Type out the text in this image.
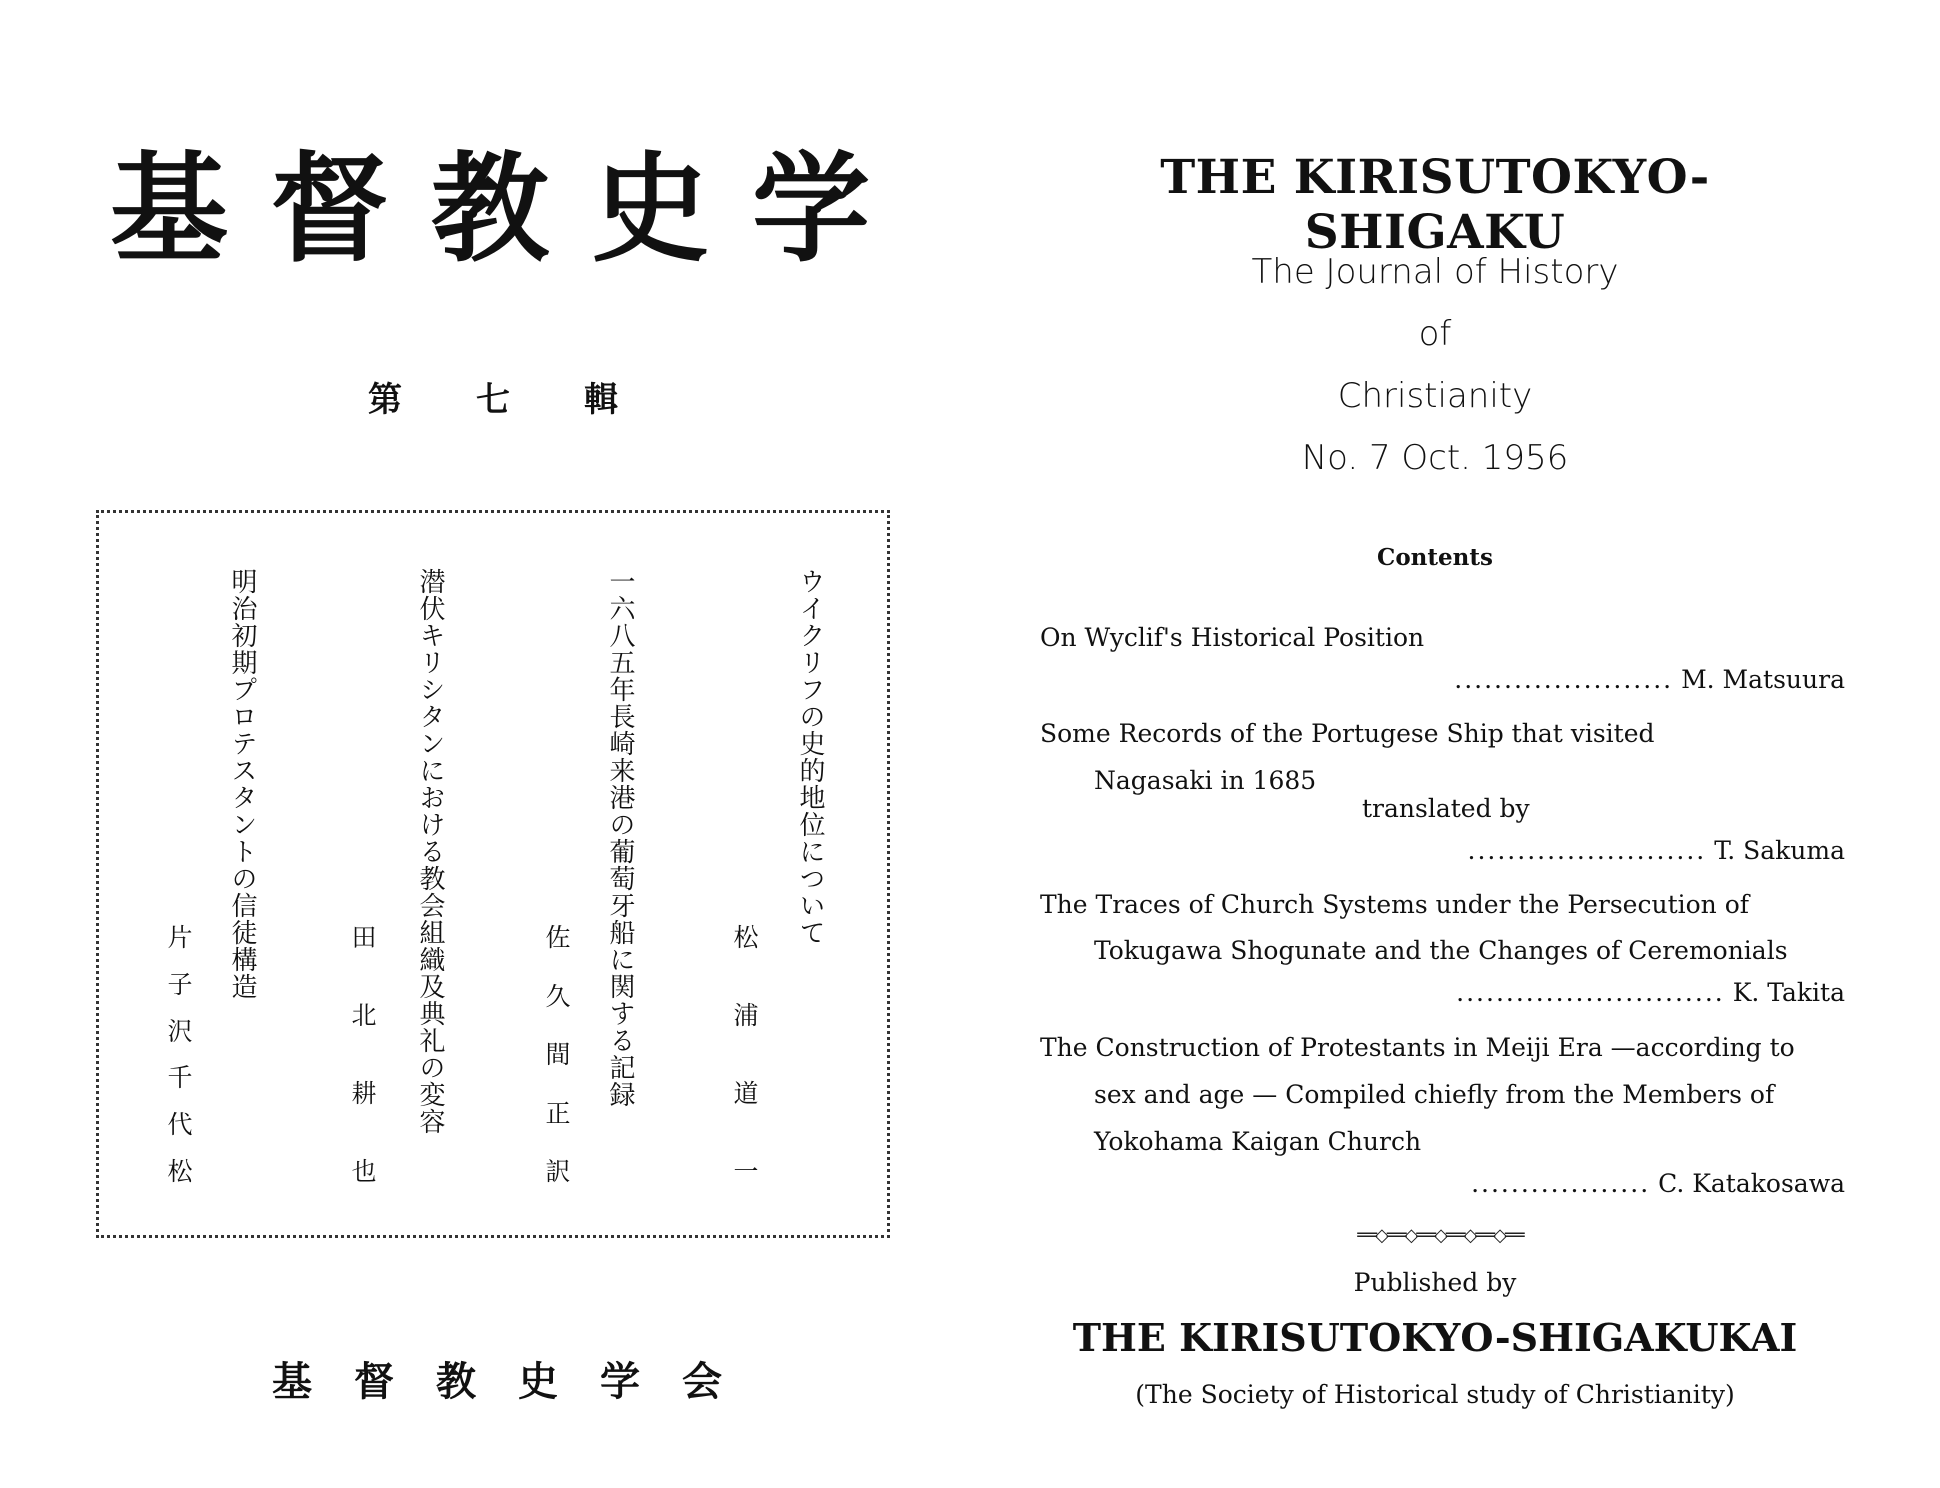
基 督 教 史 学
第 七 輯
ウイクリフの史的地位について
松
浦
道
一
一六八五年長崎来港の葡萄牙船に関する記録
佐
久
間
正
訳
潜伏キリシタンにおける教会組織及典礼の変容
田
北
耕
也
明治初期プロテスタントの信徒構造
片
子
沢
千
代
松
基 督 教 史 学 会
THE KIRISUTOKYO-SHIGAKU
The Journal of History
of
Christianity
No. 7 Oct. 1956
Contents
On Wyclif's Historical Position
...................... M. Matsuura
Some Records of the Portugese Ship that visited
Nagasaki in 1685
translated by
........................ T. Sakuma
The Traces of Church Systems under the Persecution of
Tokugawa Shogunate and the Changes of Ceremonials
........................... K. Takita
The Construction of Protestants in Meiji Era —according to
sex and age — Compiled chiefly from the Members of
Yokohama Kaigan Church
.................. C. Katakosawa
══◇══◇══◇══◇══◇══
Published by
THE KIRISUTOKYO-SHIGAKUKAI
(The Society of Historical study of Christianity)
